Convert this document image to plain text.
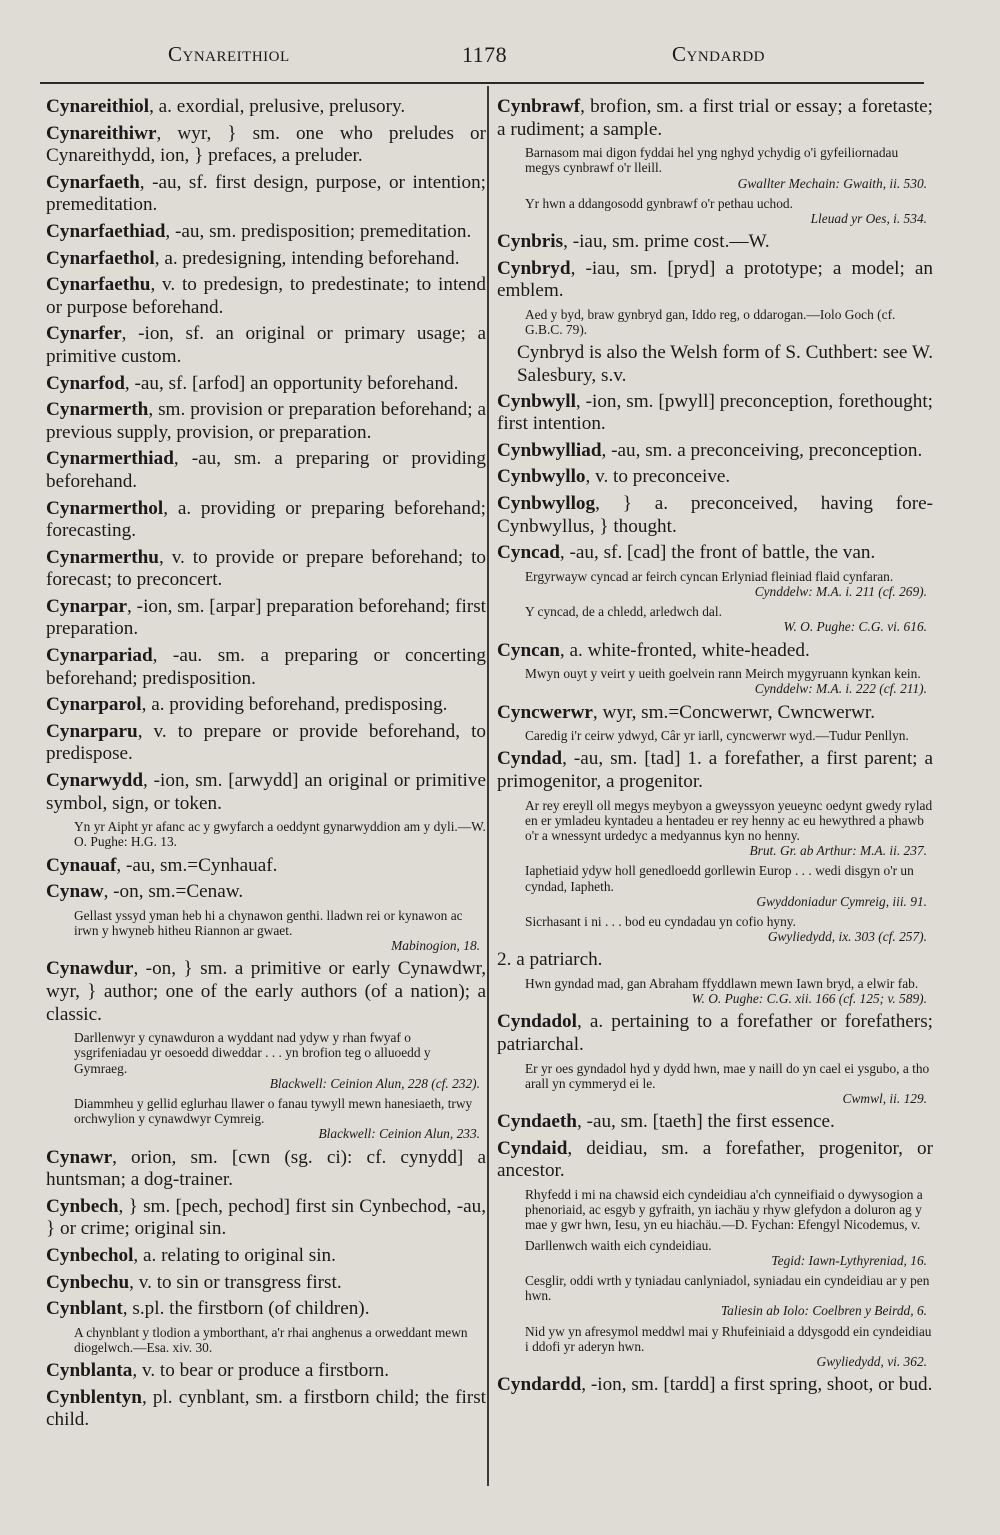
Cynareithiol	1178	Cyndardd
Cynareithiol, a. exordial, prelusive, prelusory.
Cynareithiwr, wyr, } sm. one who preludes or Cynareithydd, ion, } prefaces, a preluder.
Cynarfaeth, -au, sf. first design, purpose, or intention; premeditation.
Cynarfaethiad, -au, sm. predisposition; premeditation.
Cynarfaethol, a. predesigning, intending beforehand.
Cynarfaethu, v. to predesign, to predestinate; to intend or purpose beforehand.
Cynarfer, -ion, sf. an original or primary usage; a primitive custom.
Cynarfod, -au, sf. [arfod] an opportunity beforehand.
Cynarmerth, sm. provision or preparation beforehand; a previous supply, provision, or preparation.
Cynarmerthiad, -au, sm. a preparing or providing beforehand.
Cynarmerthol, a. providing or preparing beforehand; forecasting.
Cynarmerthu, v. to provide or prepare beforehand; to forecast; to preconcert.
Cynarpar, -ion, sm. [arpar] preparation beforehand; first preparation.
Cynarpariad, -au. sm. a preparing or concerting beforehand; predisposition.
Cynarparol, a. providing beforehand, predisposing.
Cynarparu, v. to prepare or provide beforehand, to predispose.
Cynarwydd, -ion, sm. [arwydd] an original or primitive symbol, sign, or token.
Yn yr Aipht yr afanc ac y gwyfarch a oeddynt gynarwyddion am y dyli.—W. O. Pughe: H.G. 13.
Cynauaf, -au, sm.=Cynhauaf.
Cynaw, -on, sm.=Cenaw.
Gellast yssyd yman heb hi a chynawon genthi. lladwn rei or kynawon ac irwn y hwyneb hitheu Riannon ar gwaet.
Mabinogion, 18.
Cynawdur, -on, } sm. a primitive or early Cynawdwr, wyr, } author; one of the early authors (of a nation); a classic.
Darllenwyr y cynawduron a wyddant nad ydyw y rhan fwyaf o ysgrifeniadau yr oesoedd diweddar . . . yn brofion teg o alluoedd y Gymraeg.
Blackwell: Ceinion Alun, 228 (cf. 232).
Diammheu y gellid eglurhau llawer o fanau tywyll mewn hanesiaeth, trwy orchwylion y cynawdwyr Cymreig.
Blackwell: Ceinion Alun, 233.
Cynawr, orion, sm. [cwn (sg. ci): cf. cynydd] a huntsman; a dog-trainer.
Cynbech, } sm. [pech, pechod] first sin Cynbechod, -au, } or crime; original sin.
Cynbechol, a. relating to original sin.
Cynbechu, v. to sin or transgress first.
Cynblant, s.pl. the firstborn (of children).
A chynblant y tlodion a ymborthant, a'r rhai anghenus a orweddant mewn diogelwch.—Esa. xiv. 30.
Cynblanta, v. to bear or produce a firstborn.
Cynblentyn, pl. cynblant, sm. a firstborn child; the first child.
Cynbrawf, brofion, sm. a first trial or essay; a foretaste; a rudiment; a sample.
Barnasom mai digon fyddai hel yng nghyd ychydig o'i gyfeiliornadau megys cynbrawf o'r lleill.
Gwallter Mechain: Gwaith, ii. 530.
Yr hwn a ddangosodd gynbrawf o'r pethau uchod.
Lleuad yr Oes, i. 534.
Cynbris, -iau, sm. prime cost.—W.
Cynbryd, -iau, sm. [pryd] a prototype; a model; an emblem.
Aed y byd, braw gynbryd gan, Iddo reg, o ddarogan.—Iolo Goch (cf. G.B.C. 79).
Cynbryd is also the Welsh form of S. Cuthbert: see W. Salesbury, s.v.
Cynbwyll, -ion, sm. [pwyll] preconception, forethought; first intention.
Cynbwylliad, -au, sm. a preconceiving, preconception.
Cynbwyllo, v. to preconceive.
Cynbwyllog, } a. preconceived, having fore- Cynbwyllus, } thought.
Cyncad, -au, sf. [cad] the front of battle, the van.
Ergyrwayw cyncad ar feirch cyncan Erlyniad fleiniad flaid cynfaran.
Cynddelw: M.A. i. 211 (cf. 269).
Y cyncad, de a chledd, arledwch dal.
W. O. Pughe: C.G. vi. 616.
Cyncan, a. white-fronted, white-headed.
Mwyn ouyt y veirt y ueith goelvein rann Meirch mygyruann kynkan kein.
Cynddelw: M.A. i. 222 (cf. 211).
Cyncwerwr, wyr, sm.=Concwerwr, Cwncwerwr.
Caredig i'r ceirw ydwyd, Câr yr iarll, cyncwerwr wyd.—Tudur Penllyn.
Cyndad, -au, sm. [tad] 1. a forefather, a first parent; a primogenitor, a progenitor.
Ar rey ereyll oll megys meybyon a gweyssyon yeueync oedynt gwedy rylad en er ymladeu kyntadeu a hentadeu er rey henny ac eu hewythred a phawb o'r a wnessynt urdedyc a medyannus kyn no henny.
Brut. Gr. ab Arthur: M.A. ii. 237.
Iaphetiaid ydyw holl genedloedd gorllewin Europ . . . wedi disgyn o'r un cyndad, Iapheth.
Gwyddoniadur Cymreig, iii. 91.
Sicrhasant i ni . . . bod eu cyndadau yn cofio hyny.
Gwyliedydd, ix. 303 (cf. 257).
2. a patriarch.
Hwn gyndad mad, gan Abraham ffyddlawn mewn Iawn bryd, a elwir fab.
W. O. Pughe: C.G. xii. 166 (cf. 125; v. 589).
Cyndadol, a. pertaining to a forefather or forefathers; patriarchal.
Er yr oes gyndadol hyd y dydd hwn, mae y naill do yn cael ei ysgubo, a tho arall yn cymmeryd ei le.
Cwmwl, ii. 129.
Cyndaeth, -au, sm. [taeth] the first essence.
Cyndaid, deidiau, sm. a forefather, progenitor, or ancestor.
Rhyfedd i mi na chawsid eich cyndeidiau a'ch cynneifiaid o dywysogion a phenoriaid, ac esgyb y gyfraith, yn iachäu y rhyw glefydon a doluron ag y mae y gwr hwn, Iesu, yn eu hiachäu.—D. Fychan: Efengyl Nicodemus, v.
Darllenwch waith eich cyndeidiau.
Tegid: Iawn-Lythyreniad, 16.
Cesglir, oddi wrth y tyniadau canlyniadol, syniadau ein cyndeidiau ar y pen hwn.
Taliesin ab Iolo: Coelbren y Beirdd, 6.
Nid yw yn afresymol meddwl mai y Rhufeiniaid a ddysgodd ein cyndeidiau i ddofi yr aderyn hwn.
Gwyliedydd, vi. 362.
Cyndardd, -ion, sm. [tardd] a first spring, shoot, or bud.
